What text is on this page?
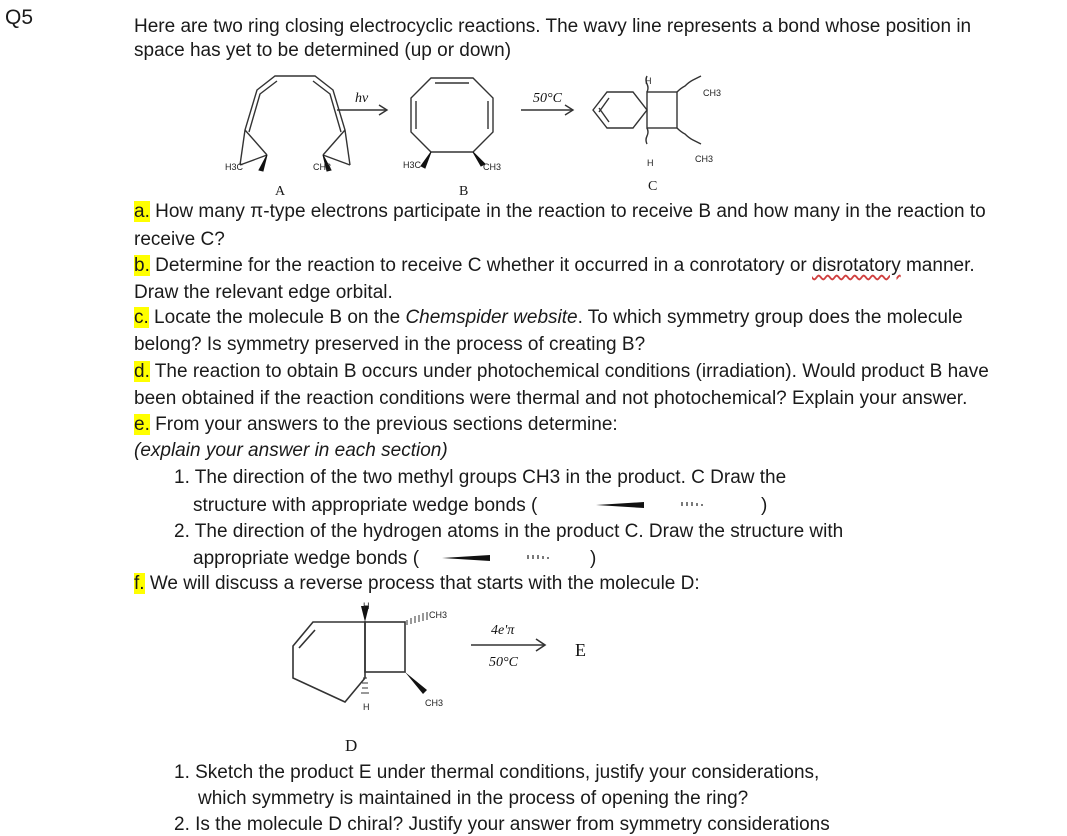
Q5	Here are two ring closing electrocyclic reactions. The wavy line represents a bond whose position in
space has yet to be determined (up or down)
H3C	CH3	H3C	CH3
CH3
CH3
H
H
hν	50°C
A	B	C
a. How many π-type electrons participate in the reaction to receive B and how many in the reaction to
receive C?
b. Determine for the reaction to receive C whether it occurred in a conrotatory or disrotatory manner.
Draw the relevant edge orbital.
c. Locate the molecule B on the Chemspider website. To which symmetry group does the molecule
belong? Is symmetry preserved in the process of creating B?
d. The reaction to obtain B occurs under photochemical conditions (irradiation). Would product B have
been obtained if the reaction conditions were thermal and not photochemical? Explain your answer.
e. From your answers to the previous sections determine:
(explain your answer in each section)
1. The direction of the two methyl groups CH3 in the product. C Draw the
structure with appropriate wedge bonds (	)
2. The direction of the hydrogen atoms in the product C. Draw the structure with
appropriate wedge bonds (	)
f. We will discuss a reverse process that starts with the molecule D:
H
CH3
H	CH3
4e'π
50°C
E
D
1. Sketch the product E under thermal conditions, justify your considerations,
which symmetry is maintained in the process of opening the ring?
2. Is the molecule D chiral? Justify your answer from symmetry considerations
